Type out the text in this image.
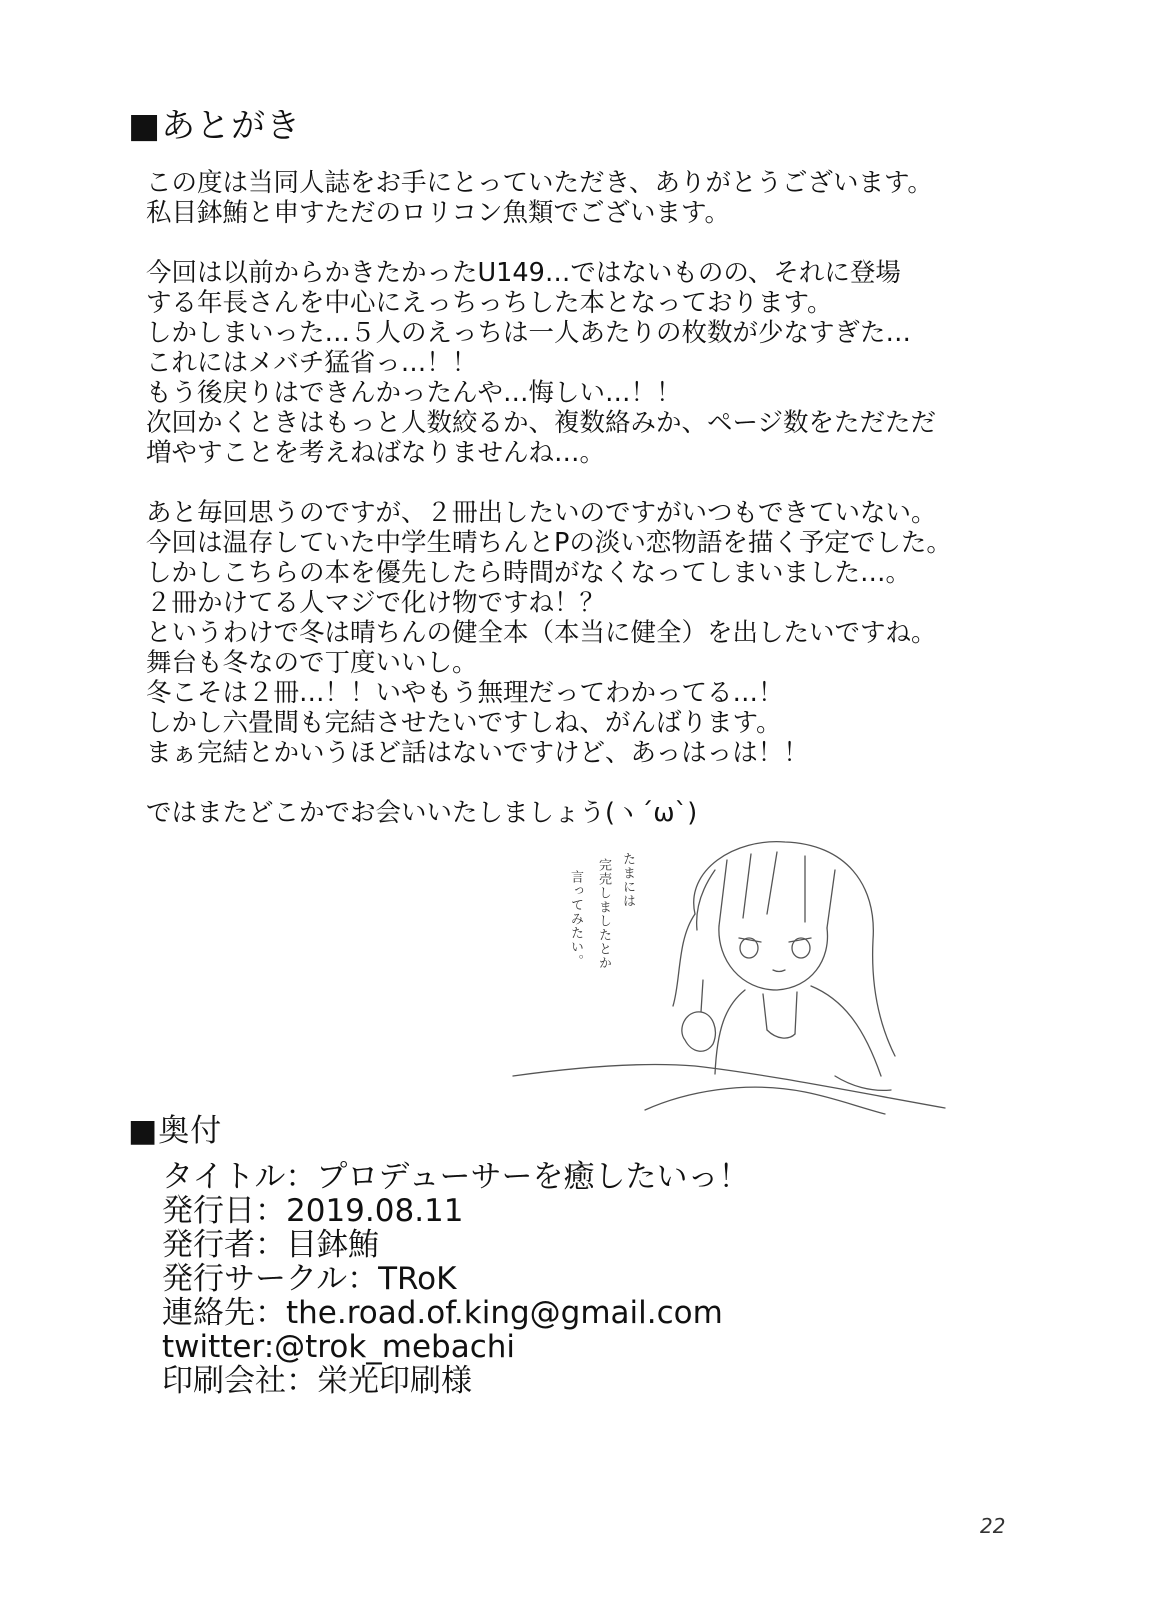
■あとがき
この度は当同人誌をお手にとっていただき、ありがとうございます。
私目鉢鮪と申すただのロリコン魚類でございます。
今回は以前からかきたかったU149…ではないものの、それに登場
する年長さんを中心にえっちっちした本となっております。
しかしまいった…５人のえっちは一人あたりの枚数が少なすぎた…
これにはメバチ猛省っ…！！
もう後戻りはできんかったんや…悔しい…！！
次回かくときはもっと人数絞るか、複数絡みか、ページ数をただただ
増やすことを考えねばなりませんね…。
あと毎回思うのですが、２冊出したいのですがいつもできていない。
今回は温存していた中学生晴ちんとPの淡い恋物語を描く予定でした。
しかしこちらの本を優先したら時間がなくなってしまいました…。
２冊かけてる人マジで化け物ですね！？
というわけで冬は晴ちんの健全本（本当に健全）を出したいですね。
舞台も冬なので丁度いいし。
冬こそは２冊…！！いやもう無理だってわかってる…！
しかし六畳間も完結させたいですしね、がんばります。
まぁ完結とかいうほど話はないですけど、あっはっは！！
ではまたどこかでお会いいたしましょう(ヽ´ω`)
たまには
完売しましたとか
言ってみたい。
■奥付
タイトル：プロデューサーを癒したいっ！
発行日：2019.08.11
発行者：目鉢鮪
発行サークル：TRoK
連絡先：the.road.of.king@gmail.com
twitter:@trok_mebachi
印刷会社：栄光印刷様
22
